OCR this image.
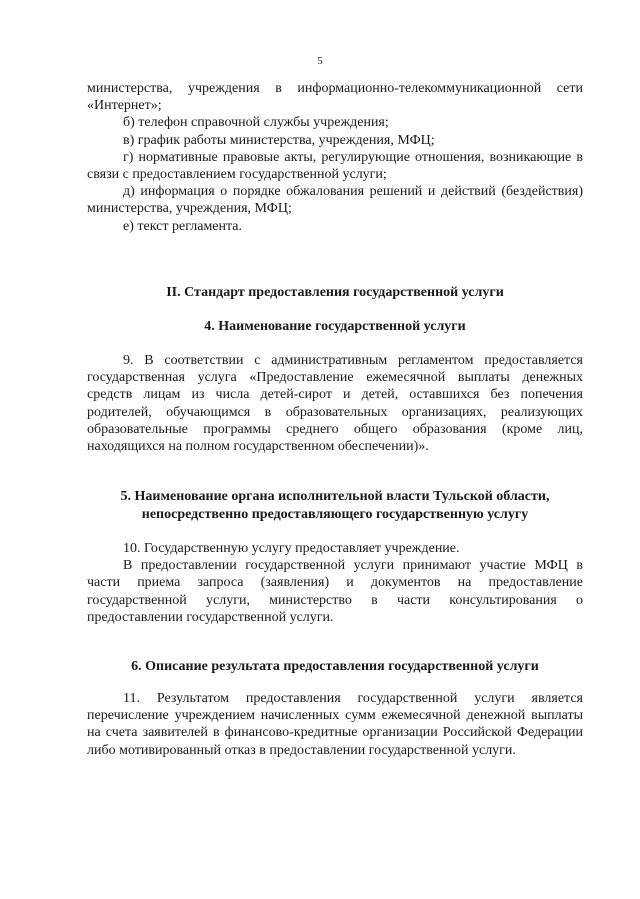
5

министерства, учреждения в информационно-телекоммуникационной сети «Интернет»;

б) телефон справочной службы учреждения;

в) график работы министерства, учреждения, МФЦ;

г) нормативные правовые акты, регулирующие отношения, возникающие в связи с предоставлением государственной услуги;

д) информация о порядке обжалования решений и действий (бездействия) министерства, учреждения, МФЦ;

е) текст регламента.

II. Стандарт предоставления государственной услуги

4. Наименование государственной услуги

9. В соответствии с административным регламентом предоставляется государственная услуга «Предоставление ежемесячной выплаты денежных средств лицам из числа детей-сирот и детей, оставшихся без попечения родителей, обучающимся в образовательных организациях, реализующих образовательные программы среднего общего образования (кроме лиц, находящихся на полном государственном обеспечении)».

5. Наименование органа исполнительной власти Тульской области,

непосредственно предоставляющего государственную услугу

10. Государственную услугу предоставляет учреждение.

В предоставлении государственной услуги принимают участие МФЦ в части приема запроса (заявления) и документов на предоставление государственной услуги, министерство в части консультирования о предоставлении государственной услуги.

6. Описание результата предоставления государственной услуги

11. Результатом предоставления государственной услуги является перечисление учреждением начисленных сумм ежемесячной денежной выплаты на счета заявителей в финансово-кредитные организации Российской Федерации либо мотивированный отказ в предоставлении государственной услуги.
